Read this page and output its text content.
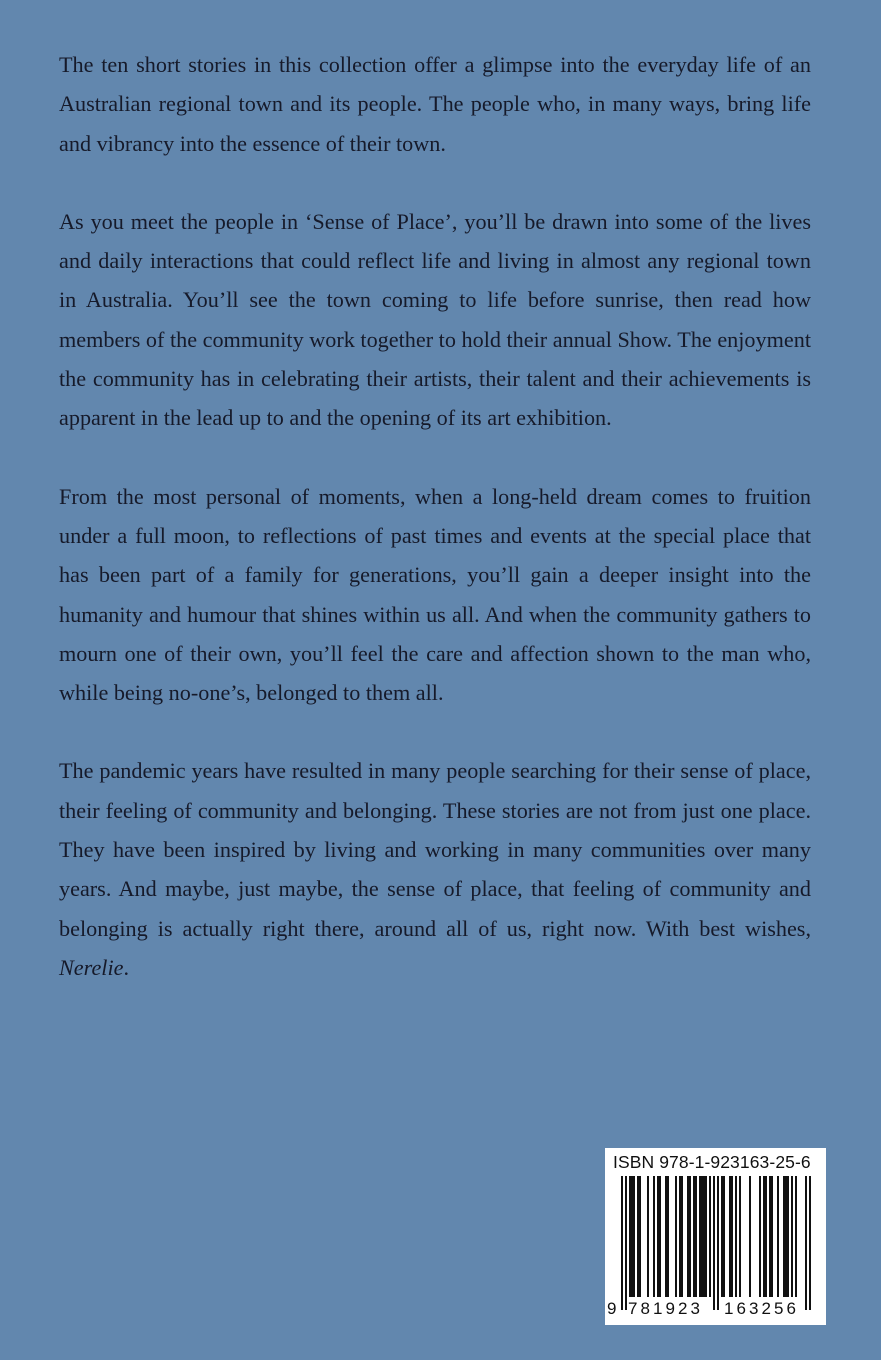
The ten short stories in this collection offer a glimpse into the everyday life of an Australian regional town and its people. The people who, in many ways, bring life and vibrancy into the essence of their town.

As you meet the people in ‘Sense of Place’, you’ll be drawn into some of the lives and daily interactions that could reflect life and living in almost any regional town in Australia. You’ll see the town coming to life before sunrise, then read how members of the community work together to hold their annual Show. The enjoyment the community has in celebrating their artists, their talent and their achievements is apparent in the lead up to and the opening of its art exhibition.

From the most personal of moments, when a long-held dream comes to fruition under a full moon, to reflections of past times and events at the special place that has been part of a family for generations, you’ll gain a deeper insight into the humanity and humour that shines within us all. And when the community gathers to mourn one of their own, you’ll feel the care and affection shown to the man who, while being no-one’s, belonged to them all.

The pandemic years have resulted in many people searching for their sense of place, their feeling of community and belonging. These stories are not from just one place. They have been inspired by living and working in many communities over many years. And maybe, just maybe, the sense of place, that feeling of community and belonging is actually right there, around all of us, right now. With best wishes, Nerelie.

9 781923 163256
ISBN 978-1-923163-25-6
